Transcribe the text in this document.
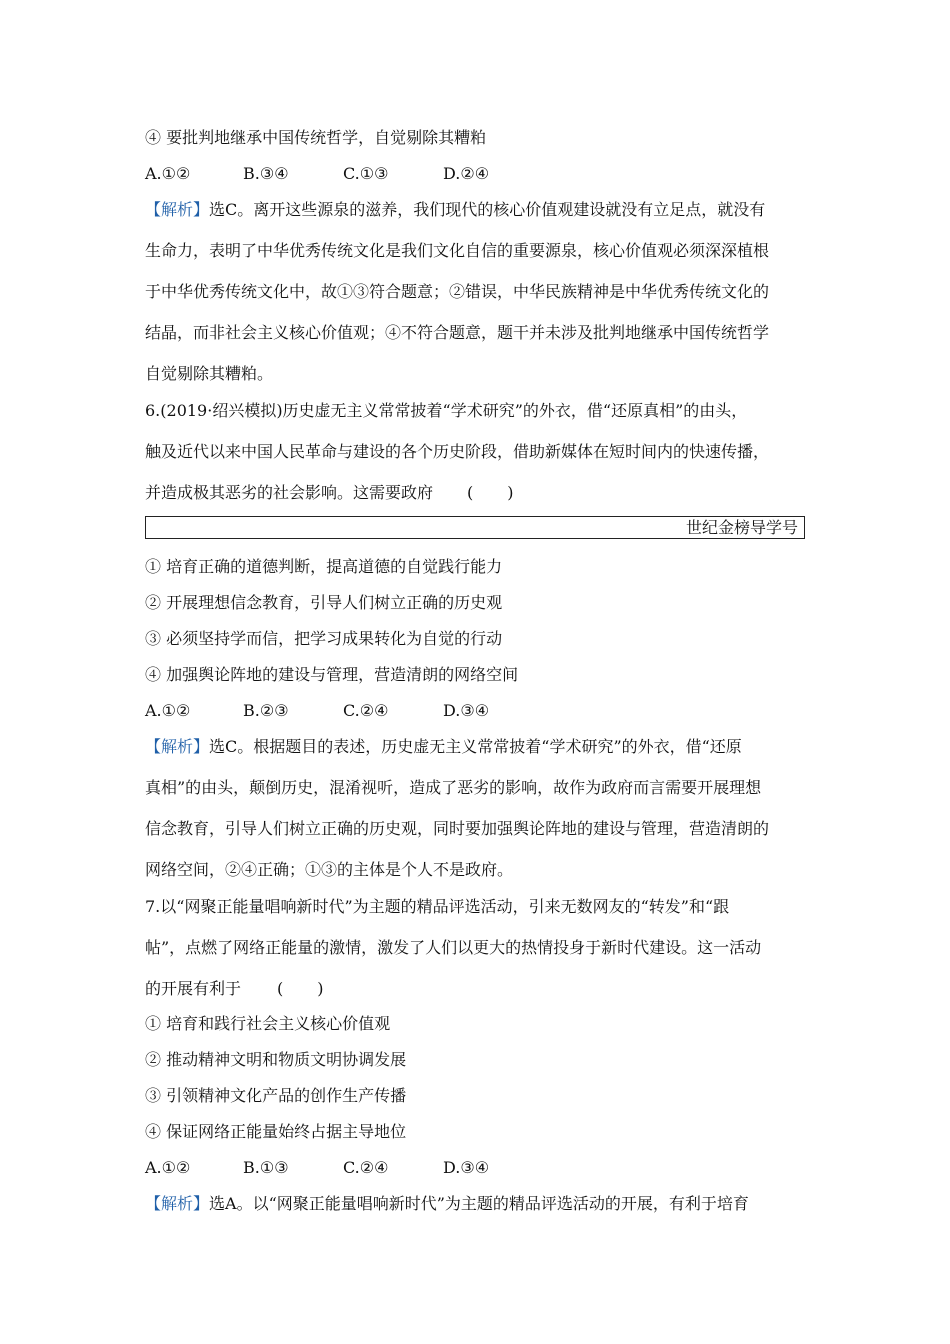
④ 要批判地继承中国传统哲学，自觉剔除其糟粕
A.①②	B.③④	C.①③	D.②④
【解析】选C。离开这些源泉的滋养，我们现代的核心价值观建设就没有立足点，就没有
生命力，表明了中华优秀传统文化是我们文化自信的重要源泉，核心价值观必须深深植根
于中华优秀传统文化中，故①③符合题意；②错误，中华民族精神是中华优秀传统文化的
结晶，而非社会主义核心价值观；④不符合题意，题干并未涉及批判地继承中国传统哲学
自觉剔除其糟粕。
6.(2019·绍兴模拟)历史虚无主义常常披着“学术研究”的外衣，借“还原真相”的由头，
触及近代以来中国人民革命与建设的各个历史阶段，借助新媒体在短时间内的快速传播，
并造成极其恶劣的社会影响。这需要政府 ( )
世纪金榜导学号
① 培育正确的道德判断，提高道德的自觉践行能力
② 开展理想信念教育，引导人们树立正确的历史观
③ 必须坚持学而信，把学习成果转化为自觉的行动
④ 加强舆论阵地的建设与管理，营造清朗的网络空间
A.①②	B.②③	C.②④	D.③④
【解析】选C。根据题目的表述，历史虚无主义常常披着“学术研究”的外衣，借“还原
真相”的由头，颠倒历史，混淆视听，造成了恶劣的影响，故作为政府而言需要开展理想
信念教育，引导人们树立正确的历史观，同时要加强舆论阵地的建设与管理，营造清朗的
网络空间，②④正确；①③的主体是个人不是政府。
7.以“网聚正能量唱响新时代”为主题的精品评选活动，引来无数网友的“转发”和“跟
帖”，点燃了网络正能量的激情，激发了人们以更大的热情投身于新时代建设。这一活动
的开展有利于 ( )
① 培育和践行社会主义核心价值观
② 推动精神文明和物质文明协调发展
③ 引领精神文化产品的创作生产传播
④ 保证网络正能量始终占据主导地位
A.①②	B.①③	C.②④	D.③④
【解析】选A。以“网聚正能量唱响新时代”为主题的精品评选活动的开展，有利于培育
